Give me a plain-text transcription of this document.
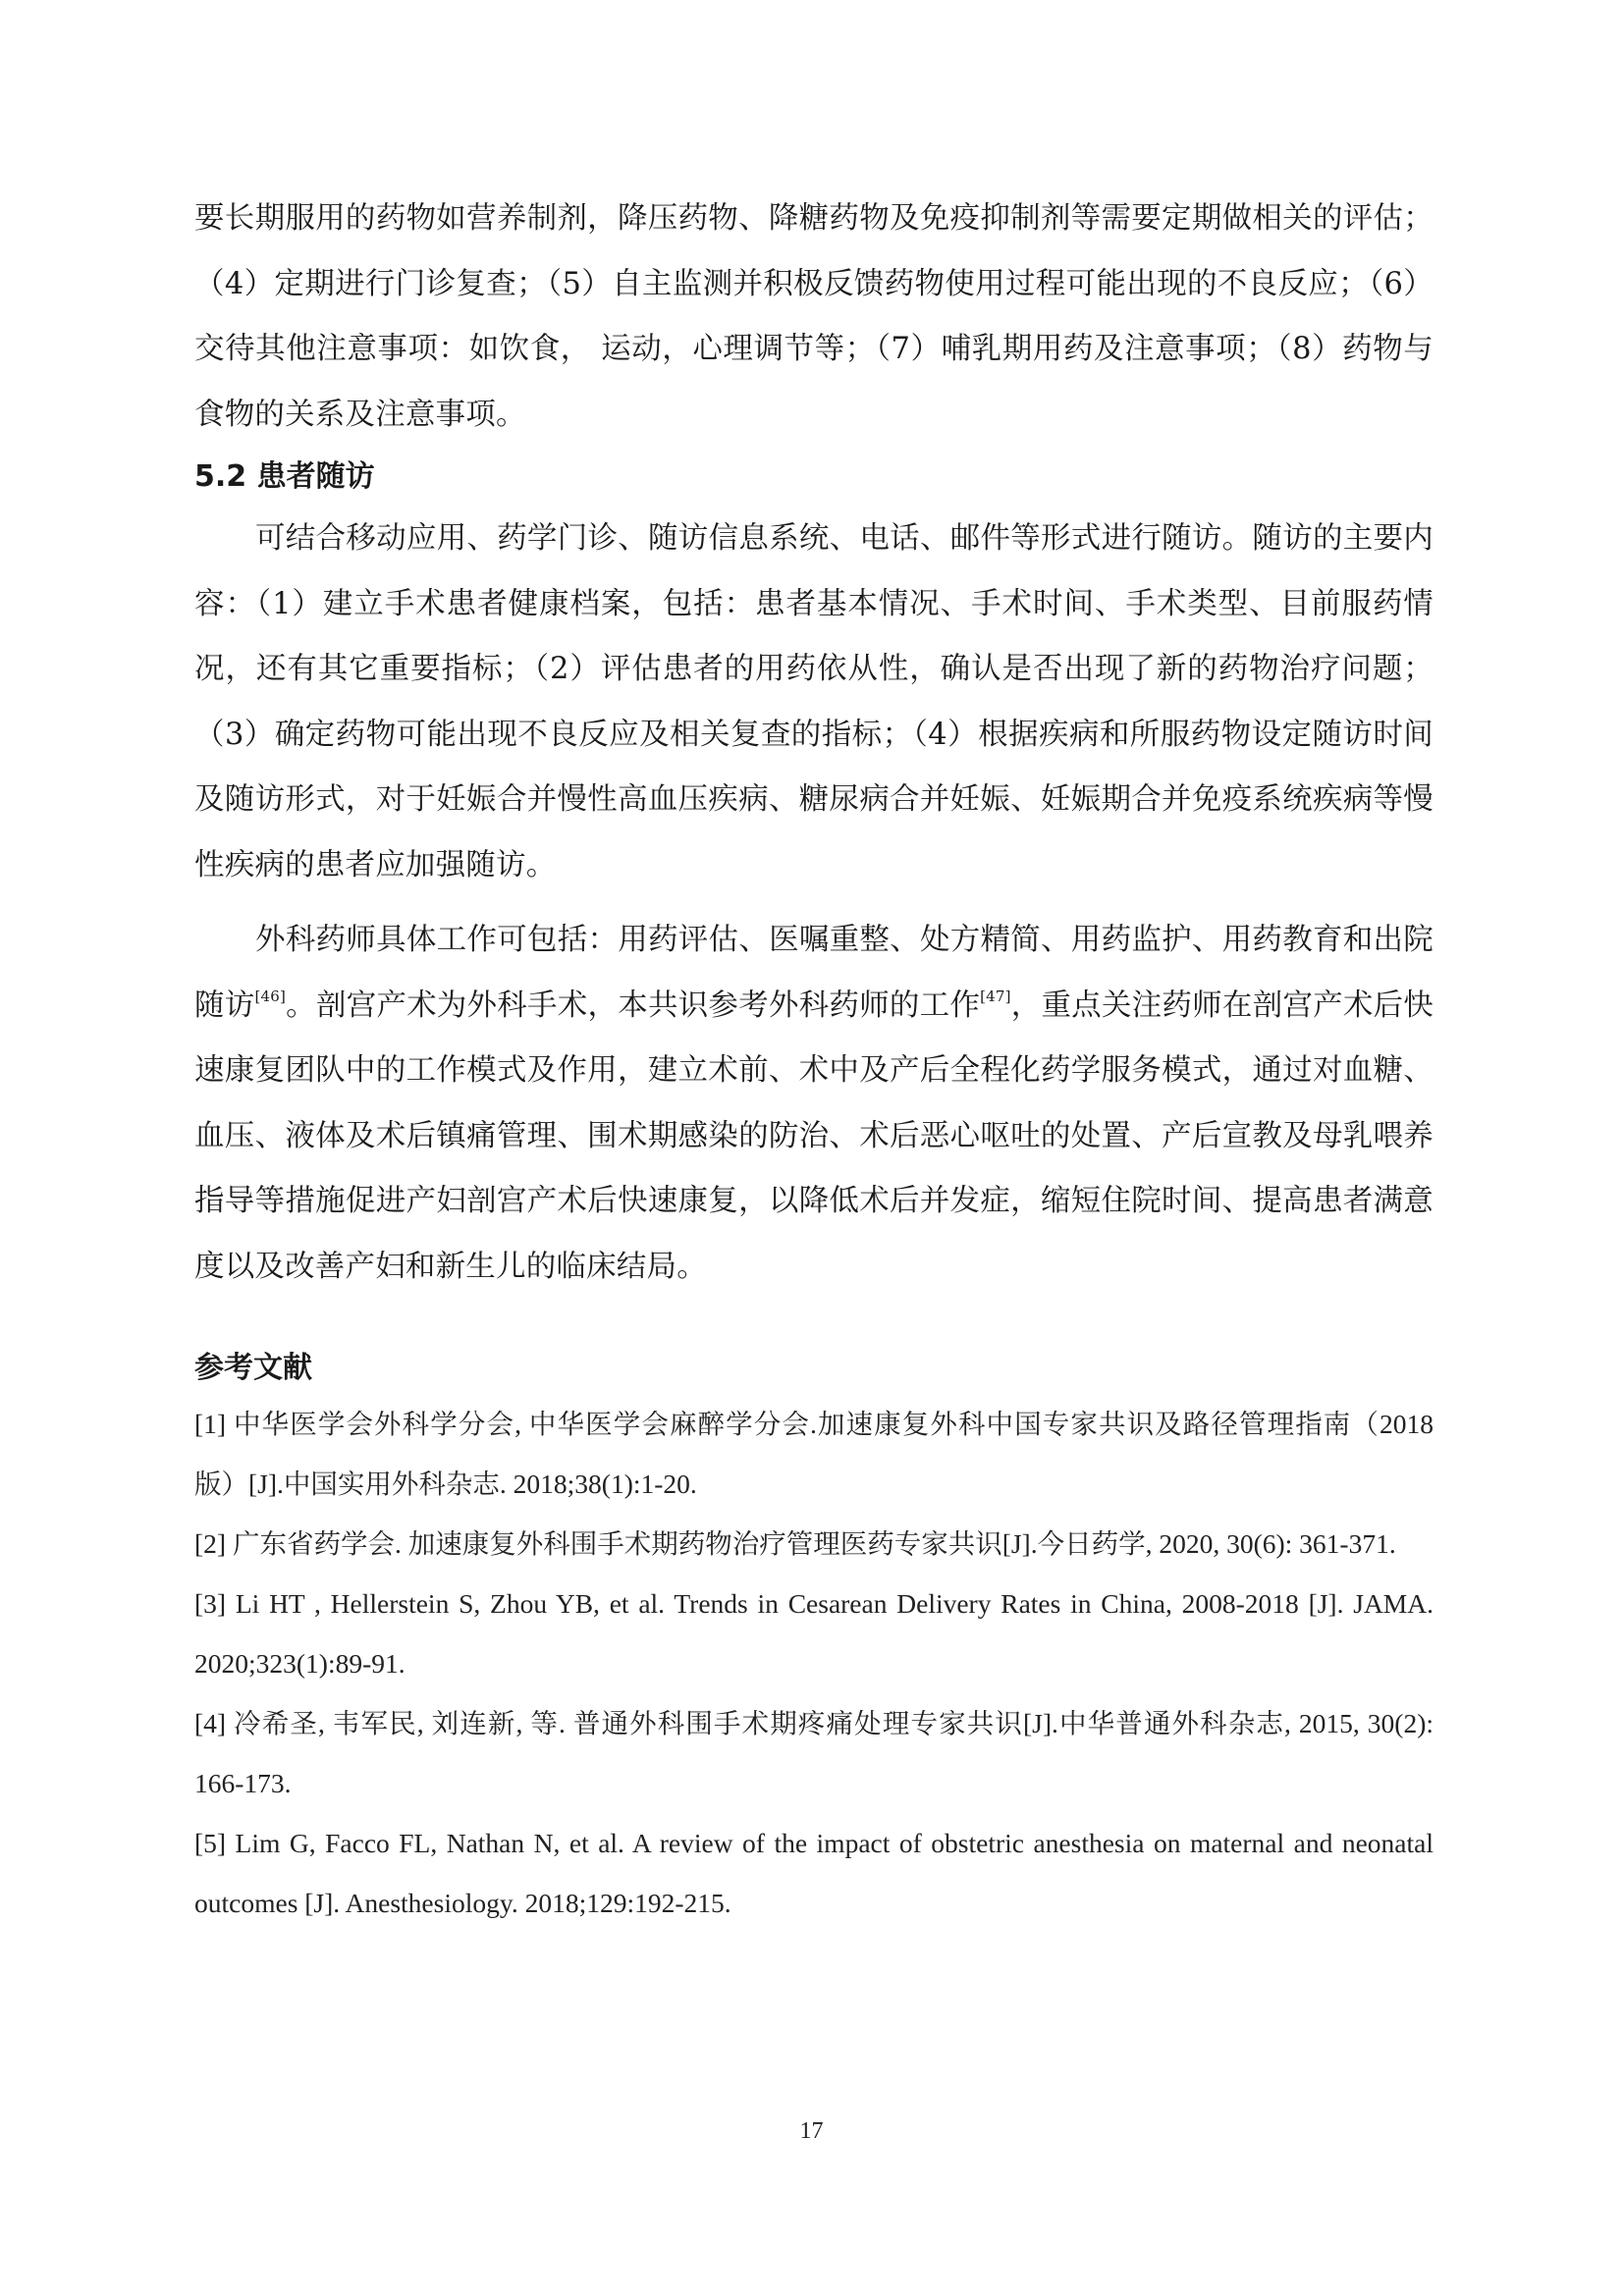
要长期服用的药物如营养制剂，降压药物、降糖药物及免疫抑制剂等需要定期做相关的评估；（4）定期进行门诊复查；（5）自主监测并积极反馈药物使用过程可能出现的不良反应；（6）交待其他注意事项：如饮食， 运动，心理调节等；（7）哺乳期用药及注意事项；（8）药物与食物的关系及注意事项。

5.2 患者随访

可结合移动应用、药学门诊、随访信息系统、电话、邮件等形式进行随访。随访的主要内容：（1）建立手术患者健康档案，包括：患者基本情况、手术时间、手术类型、目前服药情况，还有其它重要指标；（2）评估患者的用药依从性，确认是否出现了新的药物治疗问题；（3）确定药物可能出现不良反应及相关复查的指标；（4）根据疾病和所服药物设定随访时间及随访形式，对于妊娠合并慢性高血压疾病、糖尿病合并妊娠、妊娠期合并免疫系统疾病等慢性疾病的患者应加强随访。

外科药师具体工作可包括：用药评估、医嘱重整、处方精简、用药监护、用药教育和出院随访[46]。剖宫产术为外科手术，本共识参考外科药师的工作[47]，重点关注药师在剖宫产术后快速康复团队中的工作模式及作用，建立术前、术中及产后全程化药学服务模式，通过对血糖、血压、液体及术后镇痛管理、围术期感染的防治、术后恶心呕吐的处置、产后宣教及母乳喂养指导等措施促进产妇剖宫产术后快速康复，以降低术后并发症，缩短住院时间、提高患者满意度以及改善产妇和新生儿的临床结局。

参考文献

[1] 中华医学会外科学分会, 中华医学会麻醉学分会.加速康复外科中国专家共识及路径管理指南（2018 版）[J].中国实用外科杂志. 2018;38(1):1-20.

[2] 广东省药学会. 加速康复外科围手术期药物治疗管理医药专家共识[J].今日药学, 2020, 30(6): 361-371.

[3] Li HT , Hellerstein S, Zhou YB, et al. Trends in Cesarean Delivery Rates in China, 2008-2018 [J]. JAMA. 2020;323(1):89-91.

[4] 冷希圣, 韦军民, 刘连新, 等. 普通外科围手术期疼痛处理专家共识[J].中华普通外科杂志, 2015, 30(2): 166-173.

[5] Lim G, Facco FL, Nathan N, et al. A review of the impact of obstetric anesthesia on maternal and neonatal outcomes [J]. Anesthesiology. 2018;129:192-215.

17
